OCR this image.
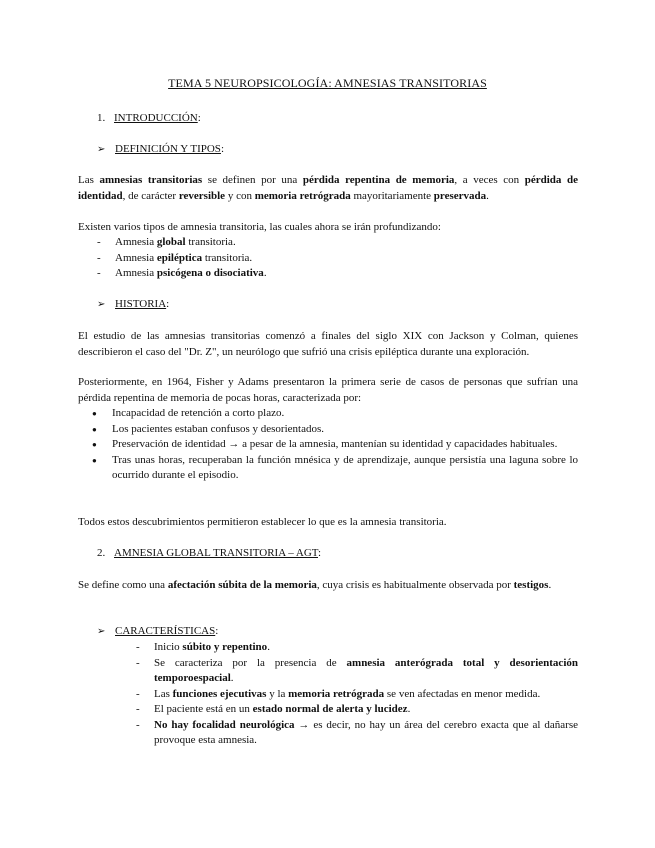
TEMA 5 NEUROPSICOLOGÍA: AMNESIAS TRANSITORIAS
1. INTRODUCCIÓN:
➢ DEFINICIÓN Y TIPOS:
Las amnesias transitorias se definen por una pérdida repentina de memoria, a veces con pérdida de identidad, de carácter reversible y con memoria retrógrada mayoritariamente preservada.
Existen varios tipos de amnesia transitoria, las cuales ahora se irán profundizando:
- Amnesia global transitoria.
- Amnesia epiléptica transitoria.
- Amnesia psicógena o disociativa.
➢ HISTORIA:
El estudio de las amnesias transitorias comenzó a finales del siglo XIX con Jackson y Colman, quienes describieron el caso del "Dr. Z", un neurólogo que sufrió una crisis epiléptica durante una exploración.
Posteriormente, en 1964, Fisher y Adams presentaron la primera serie de casos de personas que sufrían una pérdida repentina de memoria de pocas horas, caracterizada por:
● Incapacidad de retención a corto plazo.
● Los pacientes estaban confusos y desorientados.
● Preservación de identidad → a pesar de la amnesia, mantenían su identidad y capacidades habituales.
● Tras unas horas, recuperaban la función mnésica y de aprendizaje, aunque persistía una laguna sobre lo ocurrido durante el episodio.
Todos estos descubrimientos permitieron establecer lo que es la amnesia transitoria.
2. AMNESIA GLOBAL TRANSITORIA – AGT:
Se define como una afectación súbita de la memoria, cuya crisis es habitualmente observada por testigos.
➢ CARACTERÍSTICAS:
- Inicio súbito y repentino.
- Se caracteriza por la presencia de amnesia anterógrada total y desorientación temporoespacial.
- Las funciones ejecutivas y la memoria retrógrada se ven afectadas en menor medida.
- El paciente está en un estado normal de alerta y lucidez.
- No hay focalidad neurológica → es decir, no hay un área del cerebro exacta que al dañarse provoque esta amnesia.
